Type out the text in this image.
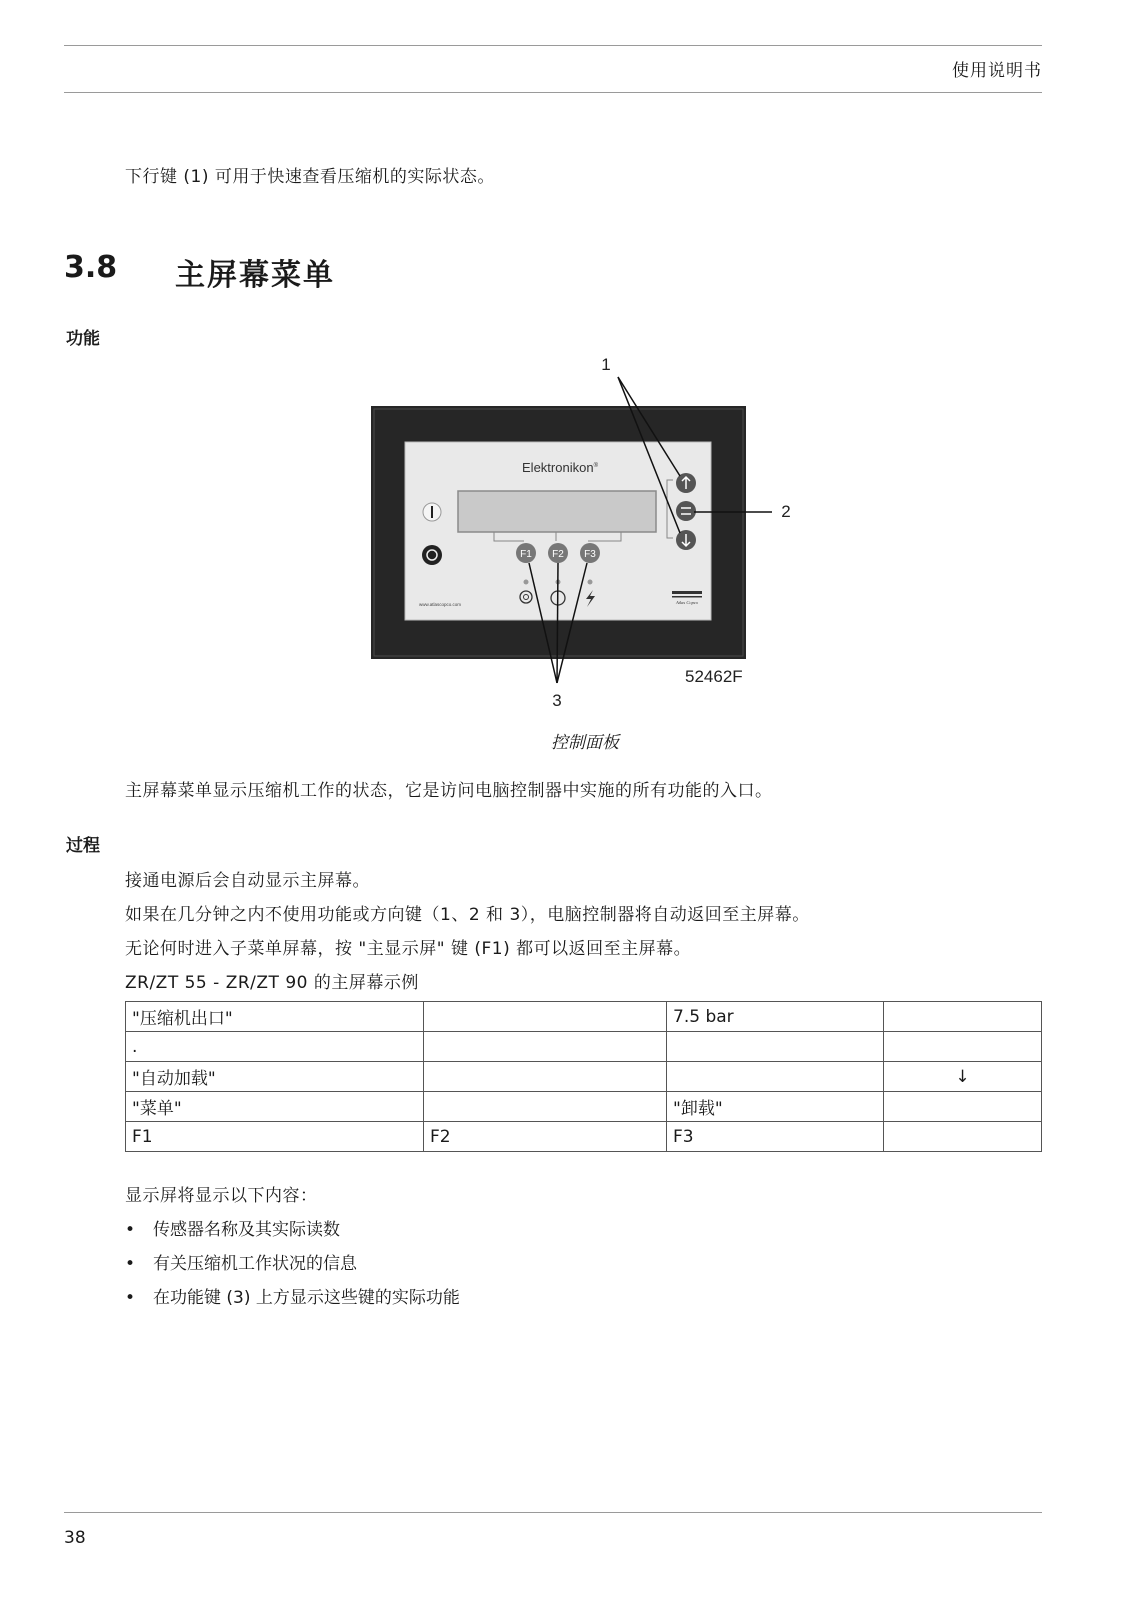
使用说明书
下行键 (1) 可用于快速查看压缩机的实际状态。
3.8 主屏幕菜单
功能
1
2
3
52462F
Elektronikon®
F1 F2 F3
www.atlascopco.com	Atlas Copco
控制面板
主屏幕菜单显示压缩机工作的状态，它是访问电脑控制器中实施的所有功能的入口。
过程
接通电源后会自动显示主屏幕。
如果在几分钟之内不使用功能或方向键（1、2 和 3），电脑控制器将自动返回至主屏幕。
无论何时进入子菜单屏幕，按 "主显示屏" 键 (F1) 都可以返回至主屏幕。
ZR/ZT 55 - ZR/ZT 90 的主屏幕示例
"压缩机出口"		7.5 bar	
.			
"自动加载"			↓
"菜单"		"卸载"	
F1	F2	F3	
显示屏将显示以下内容：
• 传感器名称及其实际读数
• 有关压缩机工作状况的信息
• 在功能键 (3) 上方显示这些键的实际功能
38
